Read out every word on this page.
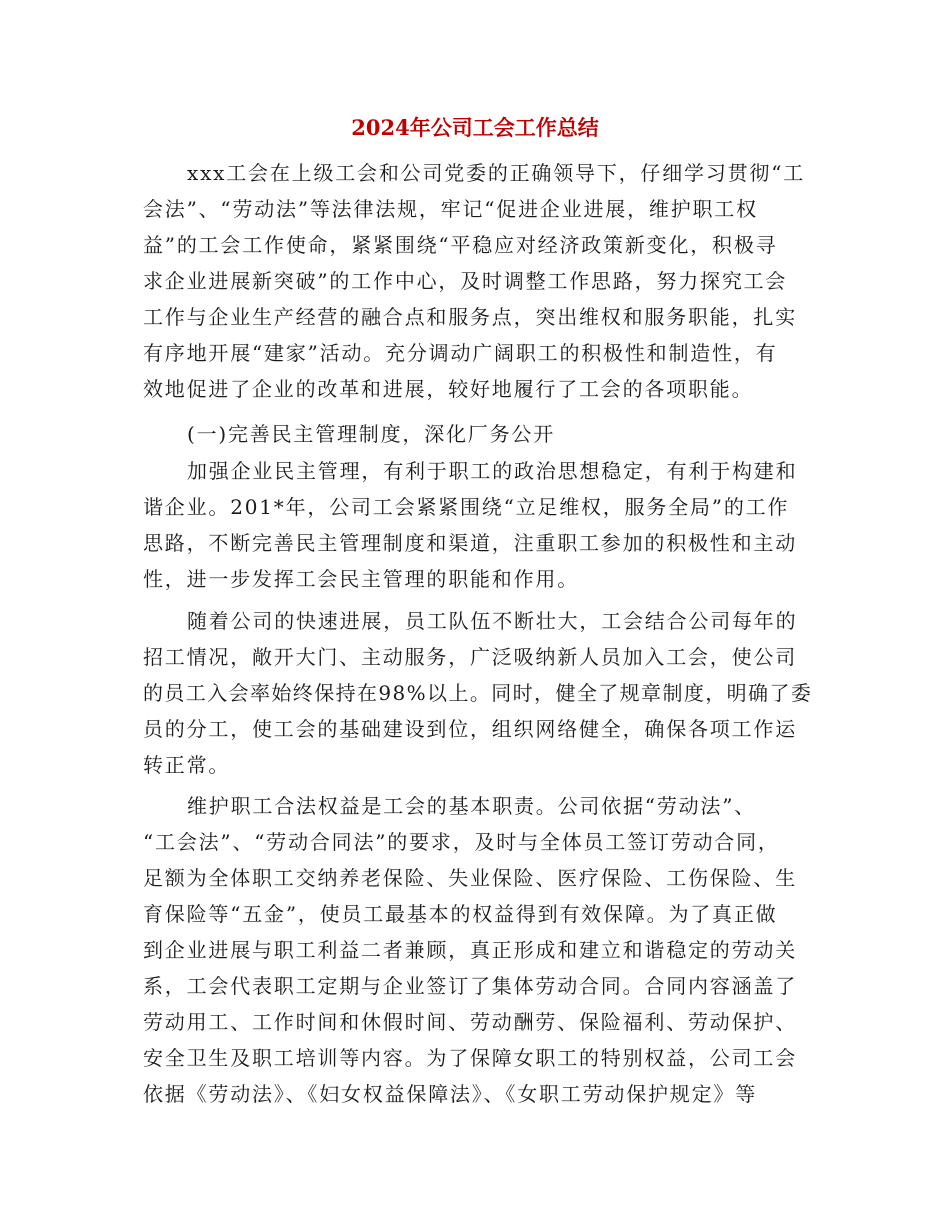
2024年公司工会工作总结
xxx工会在上级工会和公司党委的正确领导下，仔细学习贯彻“工
会法”、“劳动法”等法律法规，牢记“促进企业进展，维护职工权
益”的工会工作使命，紧紧围绕“平稳应对经济政策新变化，积极寻
求企业进展新突破”的工作中心，及时调整工作思路，努力探究工会
工作与企业生产经营的融合点和服务点，突出维权和服务职能，扎实
有序地开展“建家”活动。充分调动广阔职工的积极性和制造性，有
效地促进了企业的改革和进展，较好地履行了工会的各项职能。
(一)完善民主管理制度，深化厂务公开
加强企业民主管理，有利于职工的政治思想稳定，有利于构建和
谐企业。201*年，公司工会紧紧围绕“立足维权，服务全局”的工作
思路，不断完善民主管理制度和渠道，注重职工参加的积极性和主动
性，进一步发挥工会民主管理的职能和作用。
随着公司的快速进展，员工队伍不断壮大，工会结合公司每年的
招工情况，敞开大门、主动服务，广泛吸纳新人员加入工会，使公司
的员工入会率始终保持在98%以上。同时，健全了规章制度，明确了委
员的分工，使工会的基础建设到位，组织网络健全，确保各项工作运
转正常。
维护职工合法权益是工会的基本职责。公司依据“劳动法”、
“工会法”、“劳动合同法”的要求，及时与全体员工签订劳动合同，
足额为全体职工交纳养老保险、失业保险、医疗保险、工伤保险、生
育保险等“五金”，使员工最基本的权益得到有效保障。为了真正做
到企业进展与职工利益二者兼顾，真正形成和建立和谐稳定的劳动关
系，工会代表职工定期与企业签订了集体劳动合同。合同内容涵盖了
劳动用工、工作时间和休假时间、劳动酬劳、保险福利、劳动保护、
安全卫生及职工培训等内容。为了保障女职工的特别权益，公司工会
依据《劳动法》、《妇女权益保障法》、《女职工劳动保护规定》等
